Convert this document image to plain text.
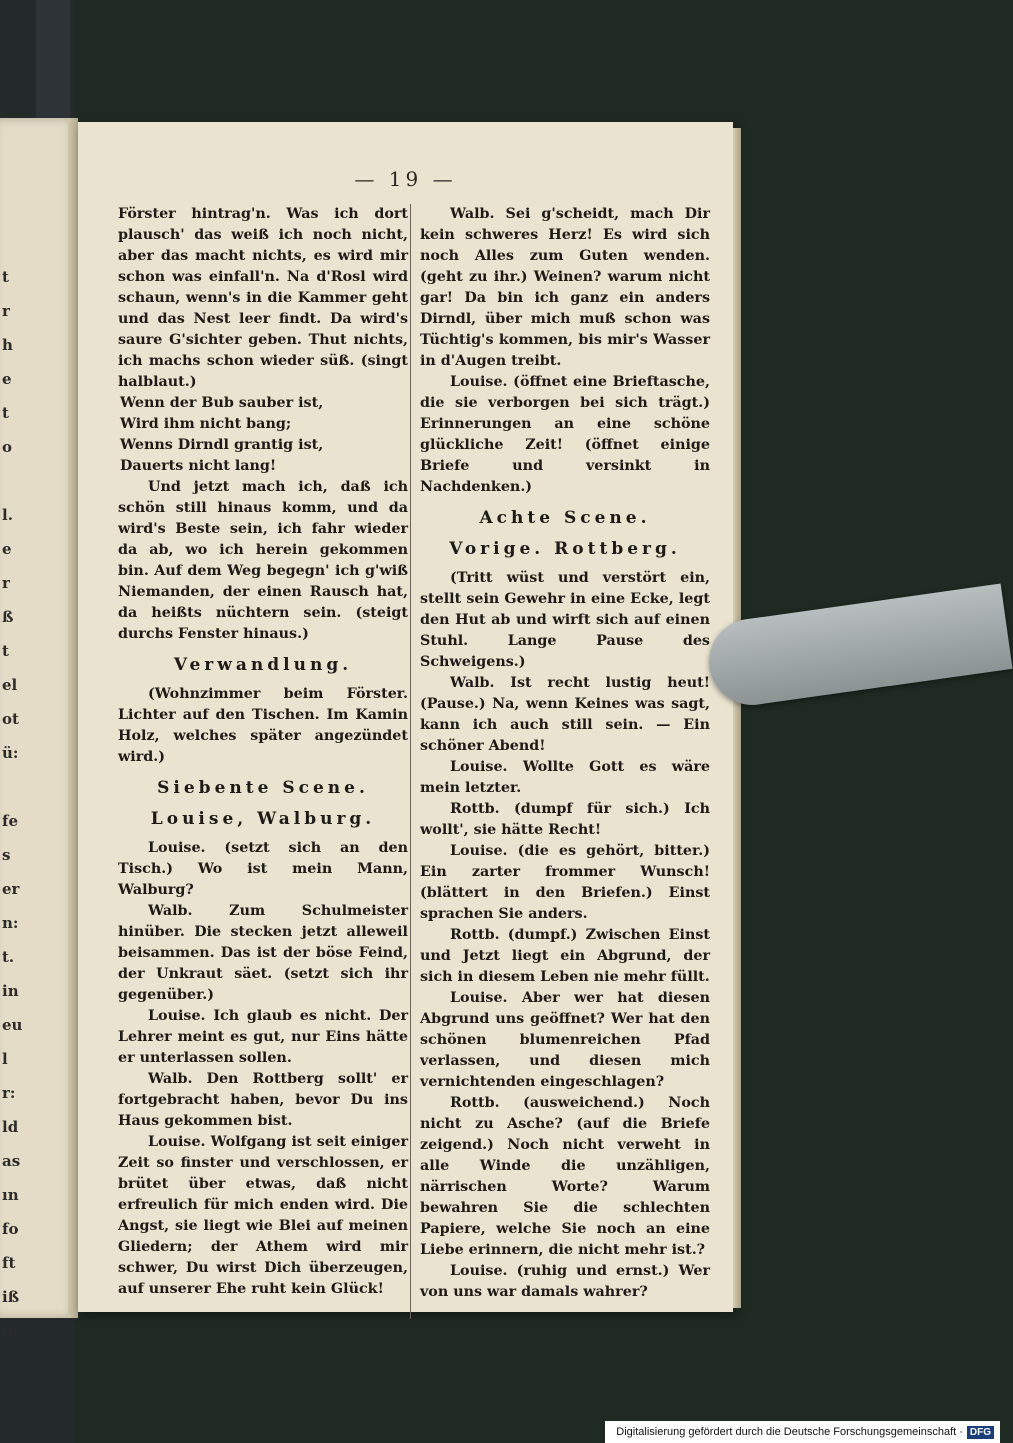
t
r
h
e
t
o
l.
e
r
ß
t
el
ot
ü:
fe
s
er
n:
t.
in
eu
l
r:
ld
as
ın
fo
ft
iß
m
— 19 —

Förster hintrag'n. Was ich dort plausch' das weiß ich noch nicht, aber das macht nichts, es wird mir schon was einfall'n. Na d'Rosl wird schaun, wenn's in die Kammer geht und das Nest leer findt. Da wird's saure G'sichter geben. Thut nichts, ich machs schon wieder süß. (singt halblaut.)

Wenn der Bub sauber ist,

Wird ihm nicht bang;

Wenns Dirndl grantig ist,

Dauerts nicht lang!

Und jetzt mach ich, daß ich schön still hinaus komm, und da wird's Beste sein, ich fahr wieder da ab, wo ich herein gekommen bin. Auf dem Weg begegn' ich g'wiß Niemanden, der einen Rausch hat, da heißts nüchtern sein. (steigt durchs Fenster hinaus.)

Verwandlung.

(Wohnzimmer beim Förster. Lichter auf den Tischen. Im Kamin Holz, welches später angezündet wird.)

Siebente Scene.

Louise, Walburg.

Louise. (setzt sich an den Tisch.) Wo ist mein Mann, Walburg?

Walb. Zum Schulmeister hinüber. Die stecken jetzt alleweil beisammen. Das ist der böse Feind, der Unkraut säet. (setzt sich ihr gegenüber.)

Louise. Ich glaub es nicht. Der Lehrer meint es gut, nur Eins hätte er unterlassen sollen.

Walb. Den Rottberg sollt' er fortgebracht haben, bevor Du ins Haus gekommen bist.

Louise. Wolfgang ist seit einiger Zeit so finster und verschlossen, er brütet über etwas, daß nicht erfreulich für mich enden wird. Die Angst, sie liegt wie Blei auf meinen Gliedern; der Athem wird mir schwer, Du wirst Dich überzeugen, auf unserer Ehe ruht kein Glück!

Walb. Sei g'scheidt, mach Dir kein schweres Herz! Es wird sich noch Alles zum Guten wenden. (geht zu ihr.) Weinen? warum nicht gar! Da bin ich ganz ein anders Dirndl, über mich muß schon was Tüchtig's kommen, bis mir's Wasser in d'Augen treibt.

Louise. (öffnet eine Brieftasche, die sie verborgen bei sich trägt.) Erinnerungen an eine schöne glückliche Zeit! (öffnet einige Briefe und versinkt in Nachdenken.)

Achte Scene.

Vorige. Rottberg.

(Tritt wüst und verstört ein, stellt sein Gewehr in eine Ecke, legt den Hut ab und wirft sich auf einen Stuhl. Lange Pause des Schweigens.)

Walb. Ist recht lustig heut! (Pause.) Na, wenn Keines was sagt, kann ich auch still sein. — Ein schöner Abend!

Louise. Wollte Gott es wäre mein letzter.

Rottb. (dumpf für sich.) Ich wollt', sie hätte Recht!

Louise. (die es gehört, bitter.) Ein zarter frommer Wunsch! (blättert in den Briefen.) Einst sprachen Sie anders.

Rottb. (dumpf.) Zwischen Einst und Jetzt liegt ein Abgrund, der sich in diesem Leben nie mehr füllt.

Louise. Aber wer hat diesen Abgrund uns geöffnet? Wer hat den schönen blumenreichen Pfad verlassen, und diesen mich vernichtenden eingeschlagen?

Rottb. (ausweichend.) Noch nicht zu Asche? (auf die Briefe zeigend.) Noch nicht verweht in alle Winde die unzähligen, närrischen Worte? Warum bewahren Sie die schlechten Papiere, welche Sie noch an eine Liebe erinnern, die nicht mehr ist.?

Louise. (ruhig und ernst.) Wer von uns war damals wahrer?

Digitalisierung gefördert durch die Deutsche Forschungsgemeinschaft · DFG
